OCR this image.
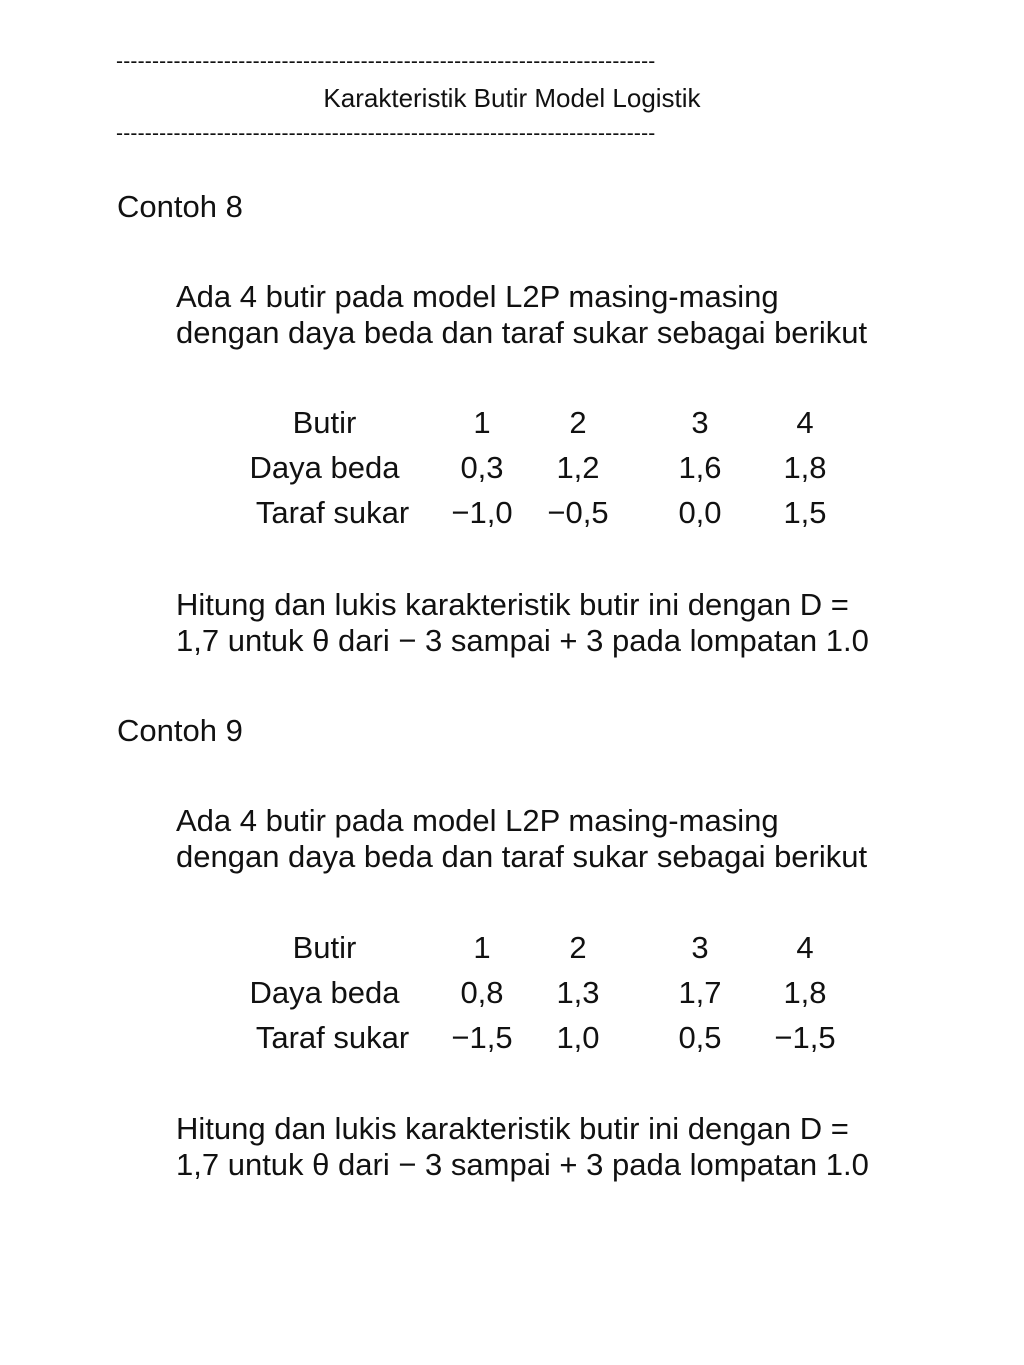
---------------------------------------------------------------------------
Karakteristik Butir Model Logistik
---------------------------------------------------------------------------
Contoh 8
Ada 4 butir pada model L2P masing-masing
dengan daya beda dan taraf sukar sebagai berikut
Butir	1	2	3	4
Daya beda	0,3	1,2	1,6	1,8
Taraf sukar	−1,0	−0,5	0,0	1,5
Hitung dan lukis karakteristik butir ini dengan D =
1,7 untuk θ dari − 3 sampai + 3 pada lompatan 1.0
Contoh 9
Ada 4 butir pada model L2P masing-masing
dengan daya beda dan taraf sukar sebagai berikut
Butir	1	2	3	4
Daya beda	0,8	1,3	1,7	1,8
Taraf sukar	−1,5	1,0	0,5	−1,5
Hitung dan lukis karakteristik butir ini dengan D =
1,7 untuk θ dari − 3 sampai + 3 pada lompatan 1.0
